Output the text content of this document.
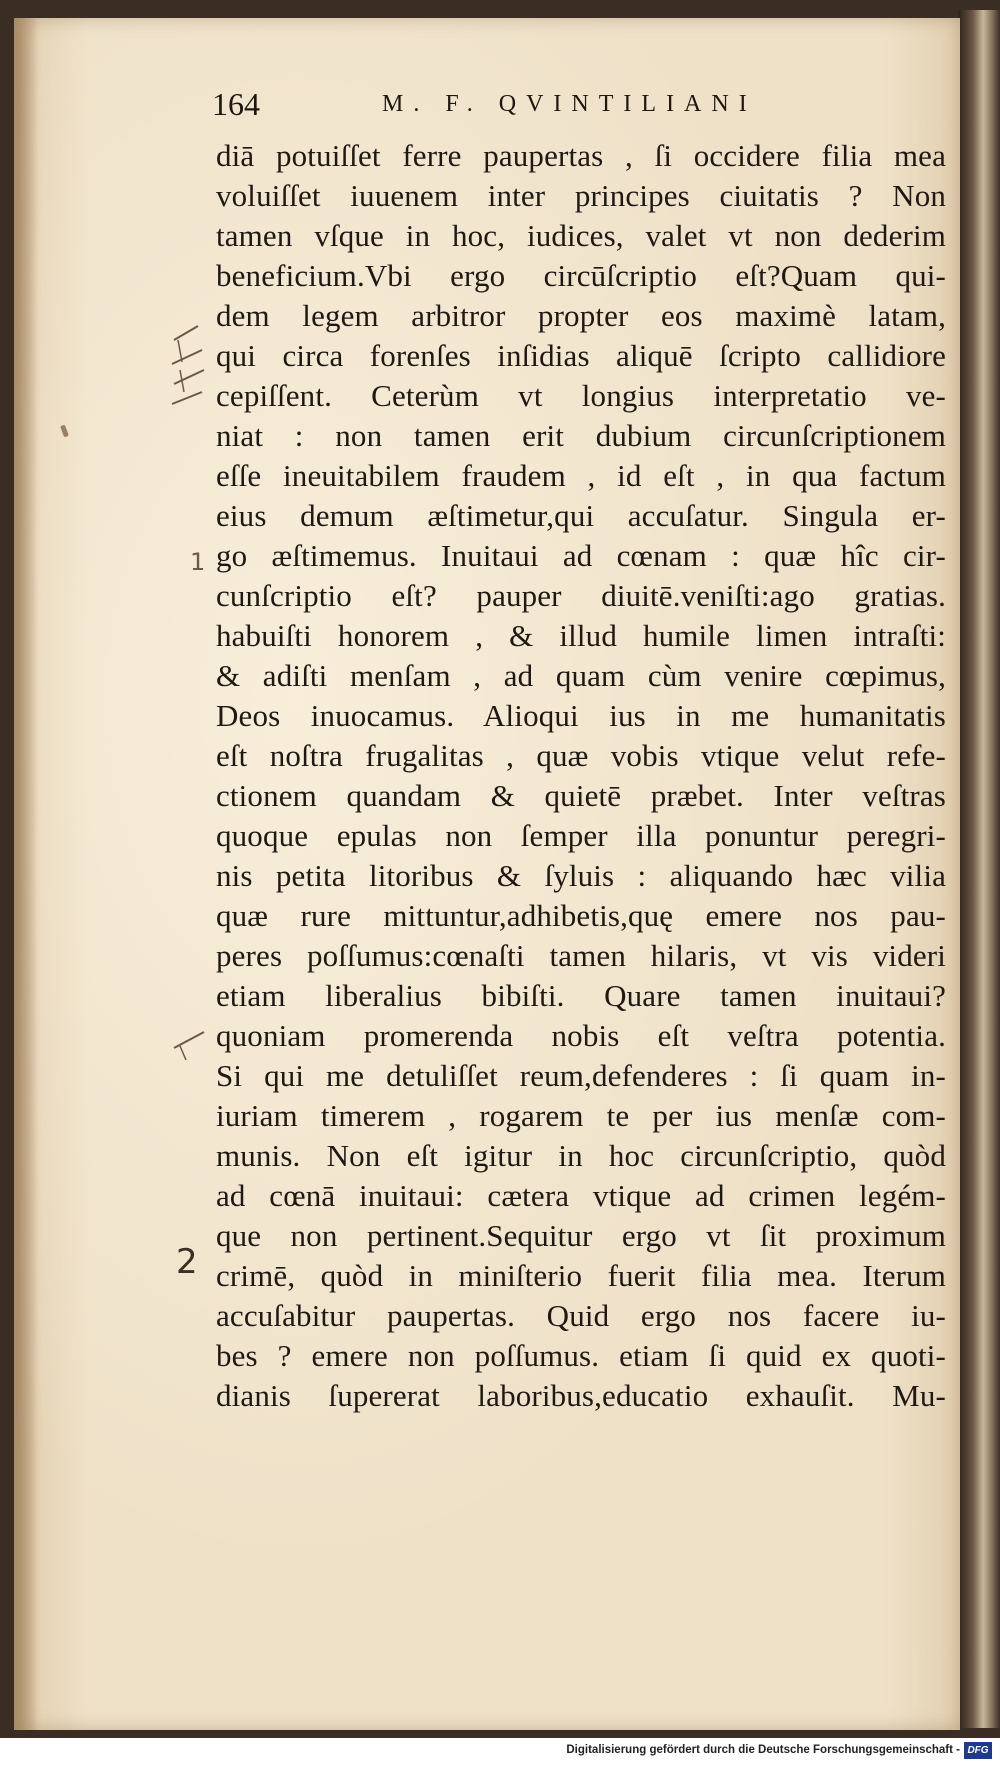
164	M. F. QVINTILIANI
diā potuiſſet ferre paupertas , ſi occidere filia mea
voluiſſet iuuenem inter principes ciuitatis ? Non
tamen vſque in hoc, iudices, valet vt non dederim
beneficium.Vbi ergo circūſcriptio eſt?Quam qui-
dem legem arbitror propter eos maximè latam,
qui circa forenſes inſidias aliquē ſcripto callidiore
cepiſſent. Ceterùm vt longius interpretatio ve-
niat : non tamen erit dubium circunſcriptionem
eſſe ineuitabilem fraudem , id eſt , in qua factum
eius demum æſtimetur,qui accuſatur. Singula er-
go æſtimemus. Inuitaui ad cœnam : quæ hîc cir-
cunſcriptio eſt? pauper diuitē.veniſti:ago gratias.
habuiſti honorem , & illud humile limen intraſti:
& adiſti menſam , ad quam cùm venire cœpimus,
Deos inuocamus. Alioqui ius in me humanitatis
eſt noſtra frugalitas , quæ vobis vtique velut refe-
ctionem quandam & quietē præbet. Inter veſtras
quoque epulas non ſemper illa ponuntur peregri-
nis petita litoribus & ſyluis : aliquando hæc vilia
quæ rure mittuntur,adhibetis,quę emere nos pau-
peres poſſumus:cœnaſti tamen hilaris, vt vis videri
etiam liberalius bibiſti. Quare tamen inuitaui?
quoniam promerenda nobis eſt veſtra potentia.
Si qui me detuliſſet reum,defenderes : ſi quam in-
iuriam timerem , rogarem te per ius menſæ com-
munis. Non eſt igitur in hoc circunſcriptio, quòd
ad cœnā inuitaui: cætera vtique ad crimen legém-
que non pertinent.Sequitur ergo vt ſit proximum
crimē, quòd in miniſterio fuerit filia mea. Iterum
accuſabitur paupertas. Quid ergo nos facere iu-
bes ? emere non poſſumus. etiam ſi quid ex quoti-
dianis ſupererat laboribus,educatio exhauſit. Mu-
1
2
Digitalisierung gefördert durch die Deutsche Forschungsgemeinschaft - DFG
